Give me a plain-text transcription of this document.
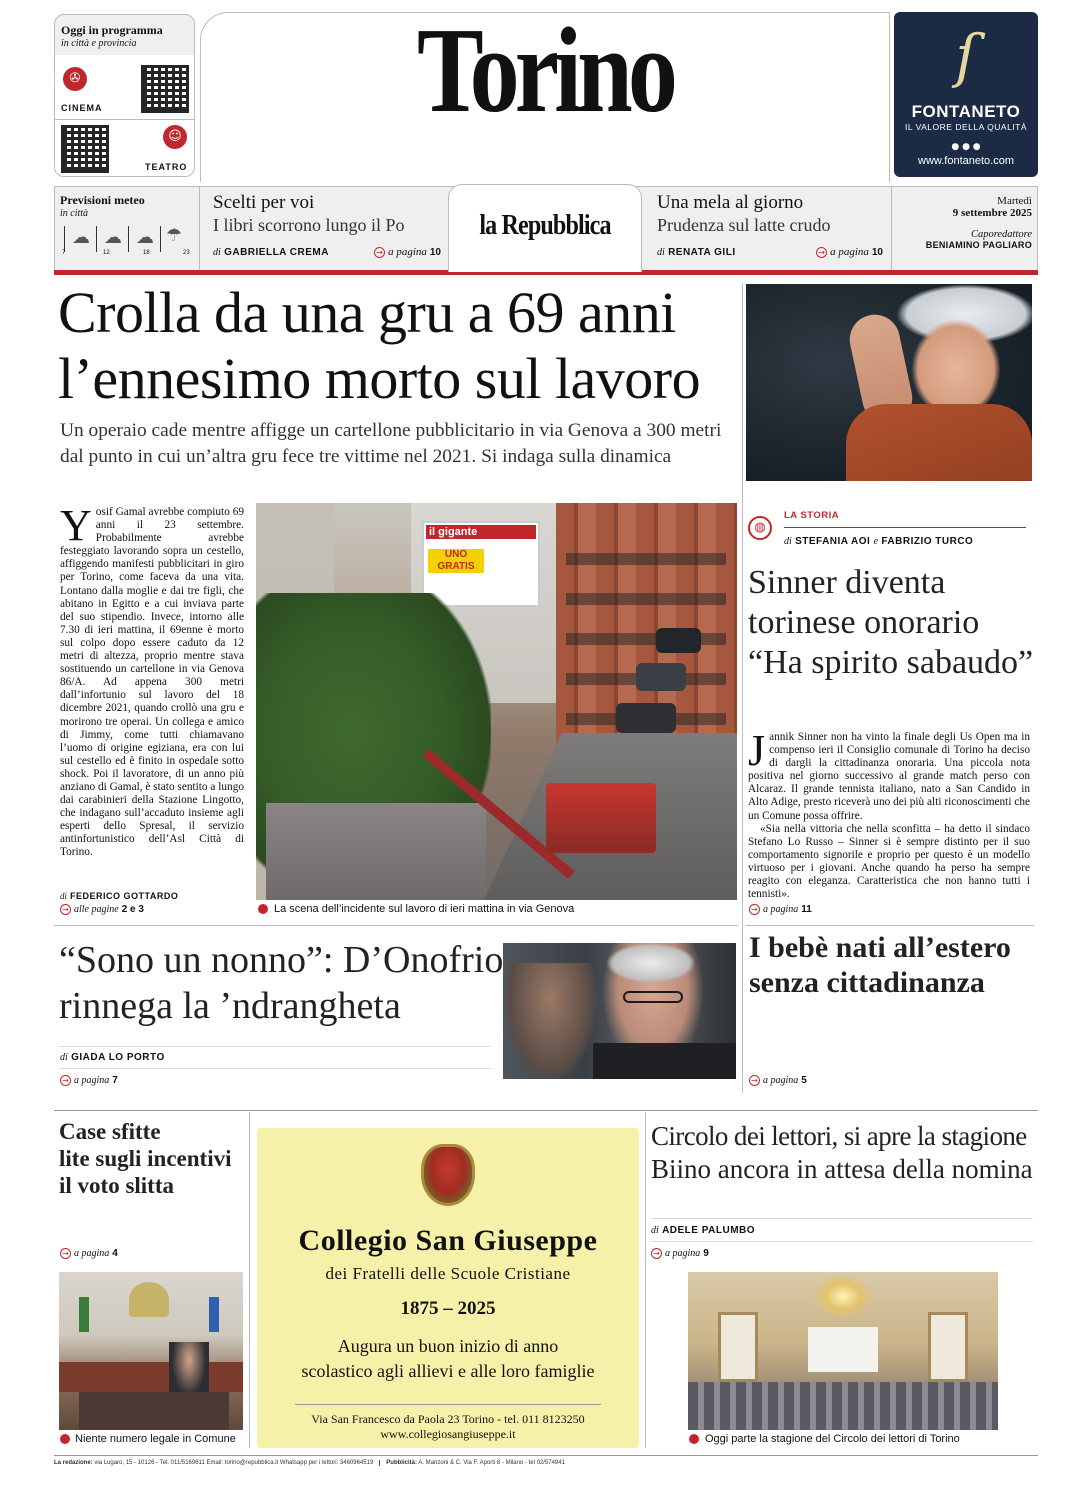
Oggi in programma
in città e provincia
✇
CINEMA
☺
TEATRO
Torino	ſ
FONTANETO
IL VALORE DELLA QUALITÀ
● ● ●
www.fontaneto.com
Previsioni meteo
in città
☁ ☁ ☁ ☂
7	12	18	23
Scelti per voi
I libri scorrono lungo il Po
di GABRIELLA CREMA	→ a pagina 10
la Repubblica
Una mela al giorno
Prudenza sul latte crudo
di RENATA GILI	→ a pagina 10
Martedì
9 settembre 2025
Caporedattore
BENIAMINO PAGLIARO
Crolla da una gru a 69 anni
l’ennesimo morto sul lavoro
Un operaio cade mentre affigge un cartellone pubblicitario in via Genova a 300 metri dal punto in cui un’altra gru fece tre vittime nel 2021. Si indaga sulla dinamica
Yosif Gamal avrebbe compiuto 69 anni il 23 settembre. Probabilmente avrebbe festeggiato lavorando sopra un cestello, affiggendo manifesti pubblicitari in giro per Torino, come faceva da una vita. Lontano dalla moglie e dai tre figli, che abitano in Egitto e a cui inviava parte del suo stipendio. Invece, intorno alle 7.30 di ieri mattina, il 69enne è morto sul colpo dopo essere caduto da 12 metri di altezza, proprio mentre stava sostituendo un cartellone in via Genova 86/A. Ad appena 300 metri dall’infortunio sul lavoro del 18 dicembre 2021, quando crollò una gru e morirono tre operai. Un collega e amico di Jimmy, come tutti chiamavano l’uomo di origine egiziana, era con lui sul cestello ed è finito in ospedale sotto shock. Poi il lavoratore, di un anno più anziano di Gamal, è stato sentito a lungo dai carabinieri della Stazione Lingotto, che indagano sull’accaduto insieme agli esperti dello Spresal, il servizio antinfortunistico dell’Asl Città di Torino.
di FEDERICO GOTTARDO
→ alle pagine 2 e 3
il gigante
UNO GRATIS
La scena dell’incidente sul lavoro di ieri mattina in via Genova
◍
LA STORIA
di STEFANIA AOI e FABRIZIO TURCO
Sinner diventa
torinese onorario
“Ha spirito sabaudo”
Jannik Sinner non ha vinto la finale degli Us Open ma in compenso ieri il Consiglio comunale di Torino ha deciso di dargli la cittadinanza onoraria. Una piccola nota positiva nel giorno successivo al grande match perso con Alcaraz. Il grande tennista italiano, nato a San Candido in Alto Adige, presto riceverà uno dei più alti riconoscimenti che un Comune possa offrire.
«Sia nella vittoria che nella sconfitta – ha detto il sindaco Stefano Lo Russo – Sinner si è sempre distinto per il suo comportamento signorile e proprio per questo è un modello virtuoso per i giovani. Anche quando ha perso ha sempre reagito con eleganza. Caratteristica che non hanno tutti i tennisti».
→ a pagina 11
“Sono un nonno”: D’Onofrio
rinnega la ’ndrangheta
di GIADA LO PORTO
→ a pagina 7
I bebè nati all’estero
senza cittadinanza
→ a pagina 5
Case sfitte
lite sugli incentivi
il voto slitta
→ a pagina 4
Niente numero legale in Comune
Collegio San Giuseppe
dei Fratelli delle Scuole Cristiane
1875 – 2025
Augura un buon inizio di anno
scolastico agli allievi e alle loro famiglie
Via San Francesco da Paola 23 Torino - tel. 011 8123250
www.collegiosangiuseppe.it
Circolo dei lettori, si apre la stagione
Biino ancora in attesa della nomina
di ADELE PALUMBO
→ a pagina 9
Oggi parte la stagione del Circolo dei lettori di Torino
La redazione: via Lugaro, 15 - 10126 - Tel. 011/5169611 Email: torino@repubblica.it Whatsapp per i lettori: 3460964519	Pubblicità: A. Manzoni & C. Via F. Aporti 8 - Milano - tel 02/574941
